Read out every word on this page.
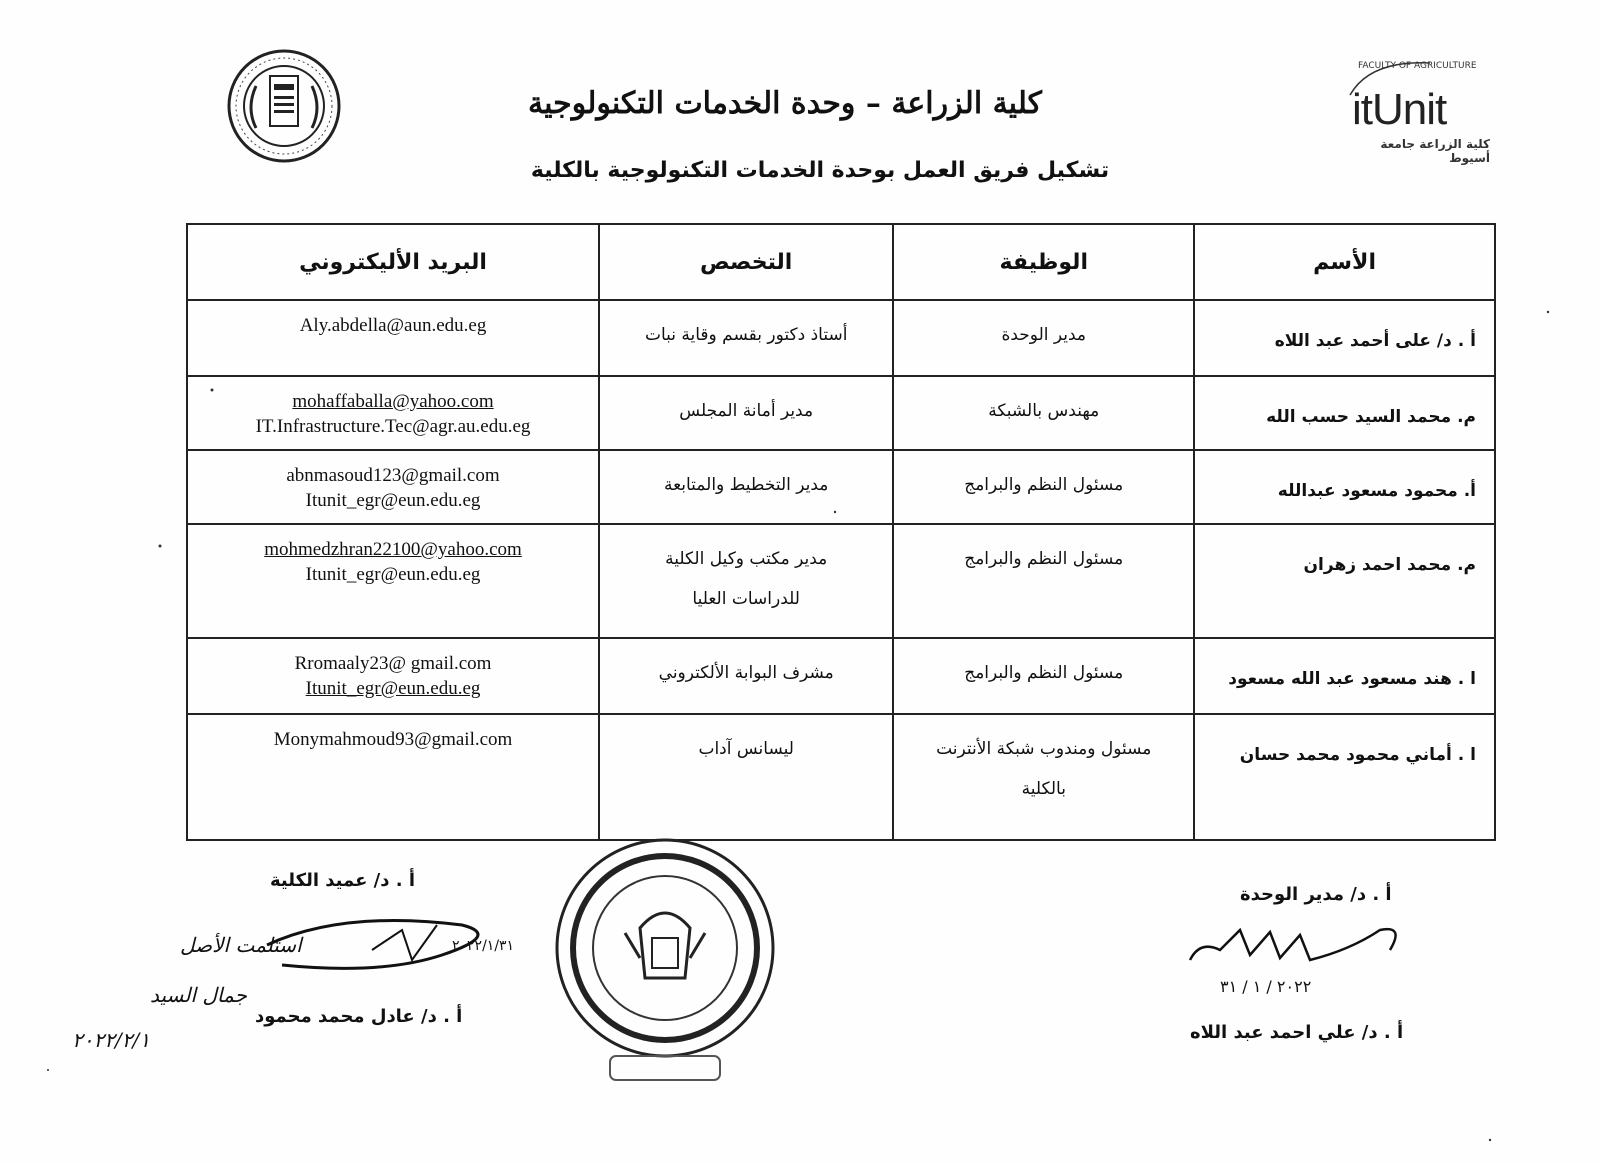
FACULTY OF AGRICULTURE
itUnit
كلية الزراعة جامعة أسيوط
كلية الزراعة – وحدة الخدمات التكنولوجية
تشكيل فريق العمل بوحدة الخدمات التكنولوجية بالكلية
الأسم	الوظيفة	التخصص	البريد الأليكتروني
أ . د/ على أحمد عبد اللاه	مدير الوحدة	أستاذ دكتور بقسم وقاية نبات	Aly.abdella@aun.edu.eg

م. محمد السيد حسب الله	مهندس بالشبكة	مدير أمانة المجلس	mohaffaballa@yahoo.com
IT.Infrastructure.Tec@agr.au.edu.eg

أ. محمود مسعود عبدالله	مسئول النظم والبرامج	مدير التخطيط والمتابعة	abnmasoud123@gmail.com
Itunit_egr@eun.edu.eg

م. محمد احمد زهران	مسئول النظم والبرامج	مدير مكتب وكيل الكلية للدراسات العليا	mohmedzhran22100@yahoo.com
Itunit_egr@eun.edu.eg

ا . هند مسعود عبد الله مسعود	مسئول النظم والبرامج	مشرف البوابة الألكتروني	Rromaaly23@ gmail.com
Itunit_egr@eun.edu.eg

ا . أماني محمود محمد حسان	مسئول ومندوب شبكة الأنترنت بالكلية	ليسانس آداب	Monymahmoud93@gmail.com
أ . د/ عميد الكلية
٢٠٢٢/١/٣١
أ . د/ عادل محمد محمود
أ . د/ مدير الوحدة
٢٠٢٢ / ١ / ٣١
أ . د/ علي احمد عبد اللاه
استلمت الأصل
جمال السيد
٢٠٢٢/٢/١
